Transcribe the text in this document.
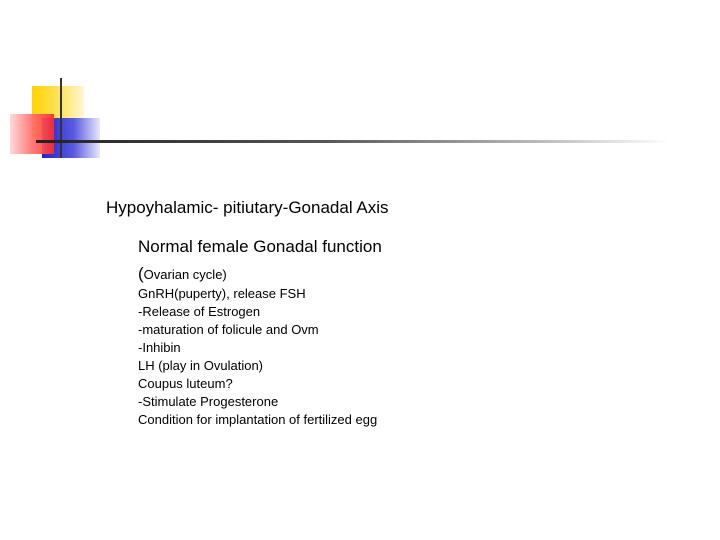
Hypoyhalamic- pitiutary-Gonadal Axis
Normal female Gonadal function
(Ovarian cycle)
GnRH(puperty), release FSH
-Release of Estrogen
-maturation of folicule and Ovm
-Inhibin
LH (play in Ovulation)
Coupus luteum?
-Stimulate Progesterone
Condition for implantation of fertilized egg
